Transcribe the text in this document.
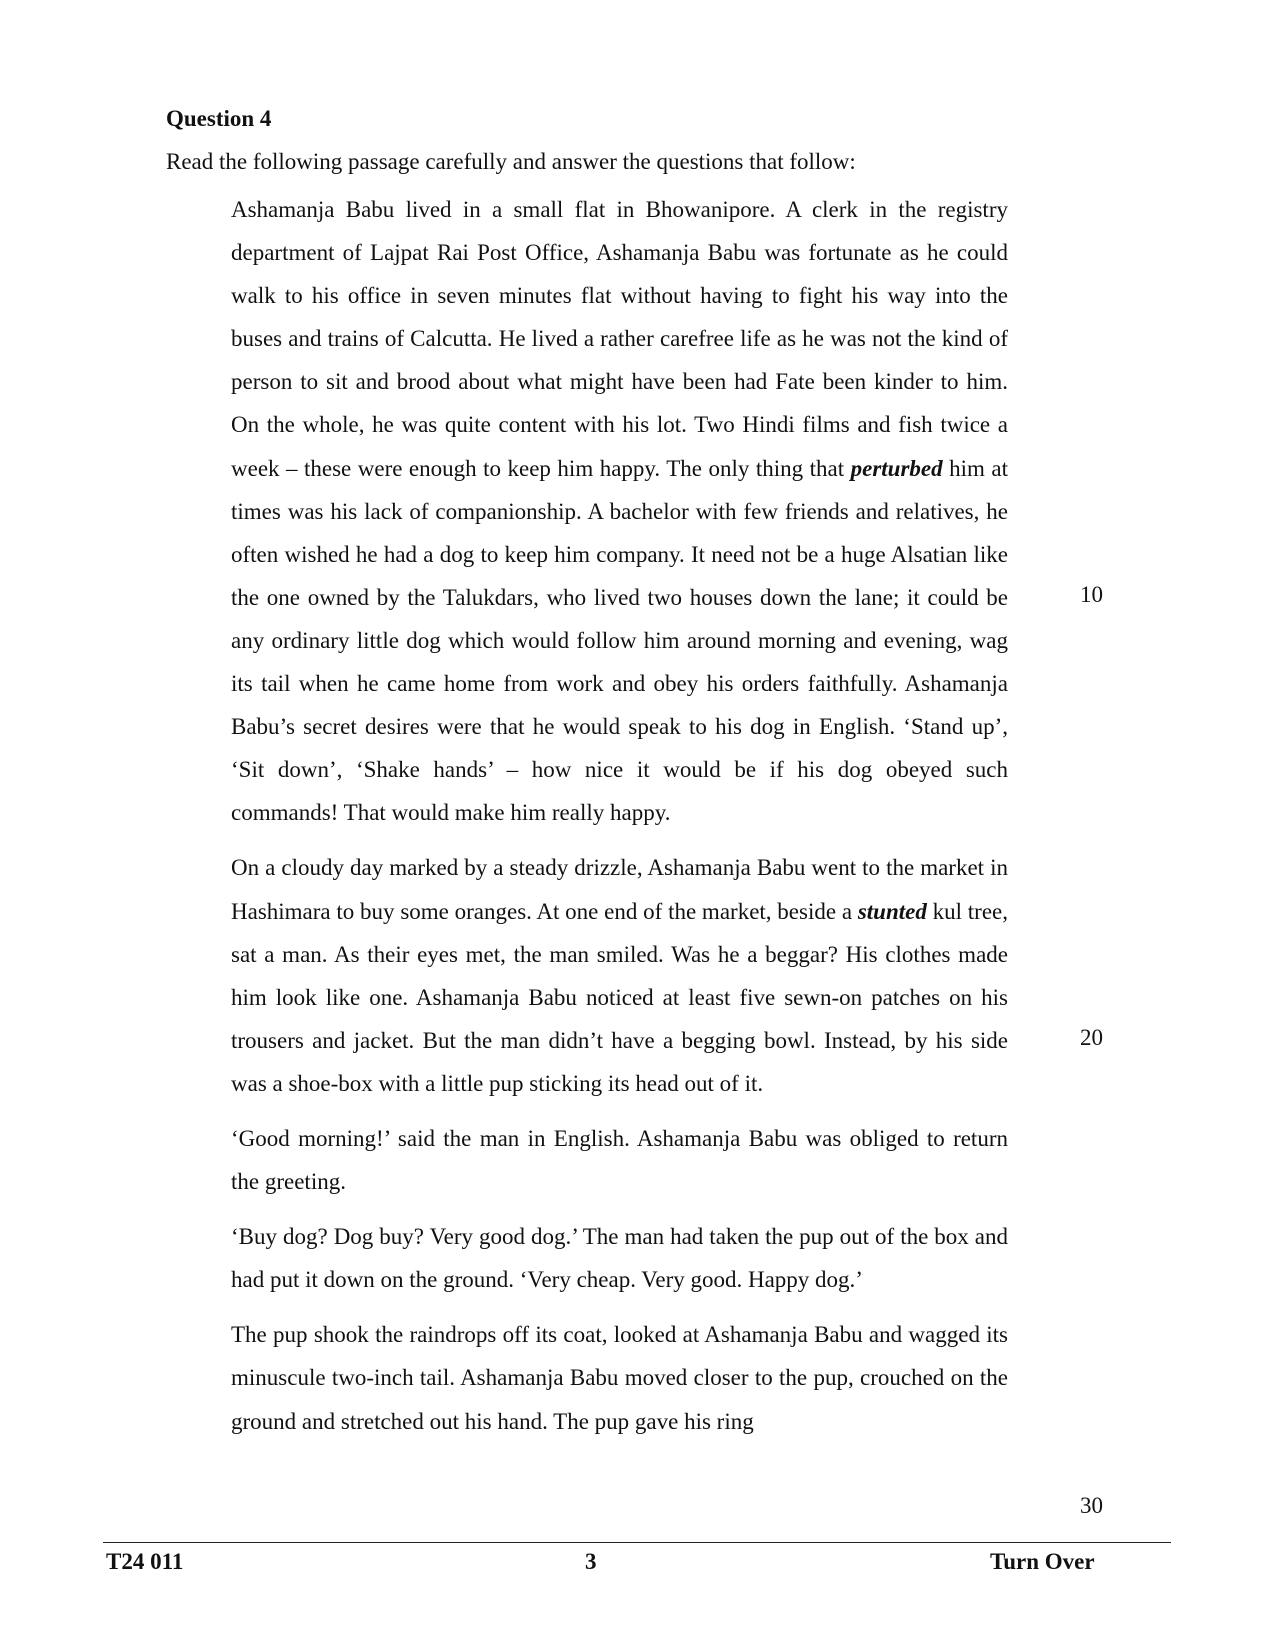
Question 4

Read the following passage carefully and answer the questions that follow:

Ashamanja Babu lived in a small flat in Bhowanipore. A clerk in the registry department of Lajpat Rai Post Office, Ashamanja Babu was fortunate as he could walk to his office in seven minutes flat without having to fight his way into the buses and trains of Calcutta. He lived a rather carefree life as he was not the kind of person to sit and brood about what might have been had Fate been kinder to him. On the whole, he was quite content with his lot. Two Hindi films and fish twice a week – these were enough to keep him happy. The only thing that perturbed him at times was his lack of companionship. A bachelor with few friends and relatives, he often wished he had a dog to keep him company. It need not be a huge Alsatian like the one owned by the Talukdars, who lived two houses down the lane; it could be any ordinary little dog which would follow him around morning and evening, wag its tail when he came home from work and obey his orders faithfully. Ashamanja Babu’s secret desires were that he would speak to his dog in English. ‘Stand up’, ‘Sit down’, ‘Shake hands’ – how nice it would be if his dog obeyed such commands! That would make him really happy.

On a cloudy day marked by a steady drizzle, Ashamanja Babu went to the market in Hashimara to buy some oranges. At one end of the market, beside a stunted kul tree, sat a man. As their eyes met, the man smiled. Was he a beggar? His clothes made him look like one. Ashamanja Babu noticed at least five sewn-on patches on his trousers and jacket. But the man didn’t have a begging bowl. Instead, by his side was a shoe-box with a little pup sticking its head out of it.

‘Good morning!’ said the man in English. Ashamanja Babu was obliged to return the greeting.

‘Buy dog? Dog buy? Very good dog.’ The man had taken the pup out of the box and had put it down on the ground. ‘Very cheap. Very good. Happy dog.’

The pup shook the raindrops off its coat, looked at Ashamanja Babu and wagged its minuscule two-inch tail. Ashamanja Babu moved closer to the pup, crouched on the ground and stretched out his hand. The pup gave his ring

10
20
30
T24 011	3	Turn Over
